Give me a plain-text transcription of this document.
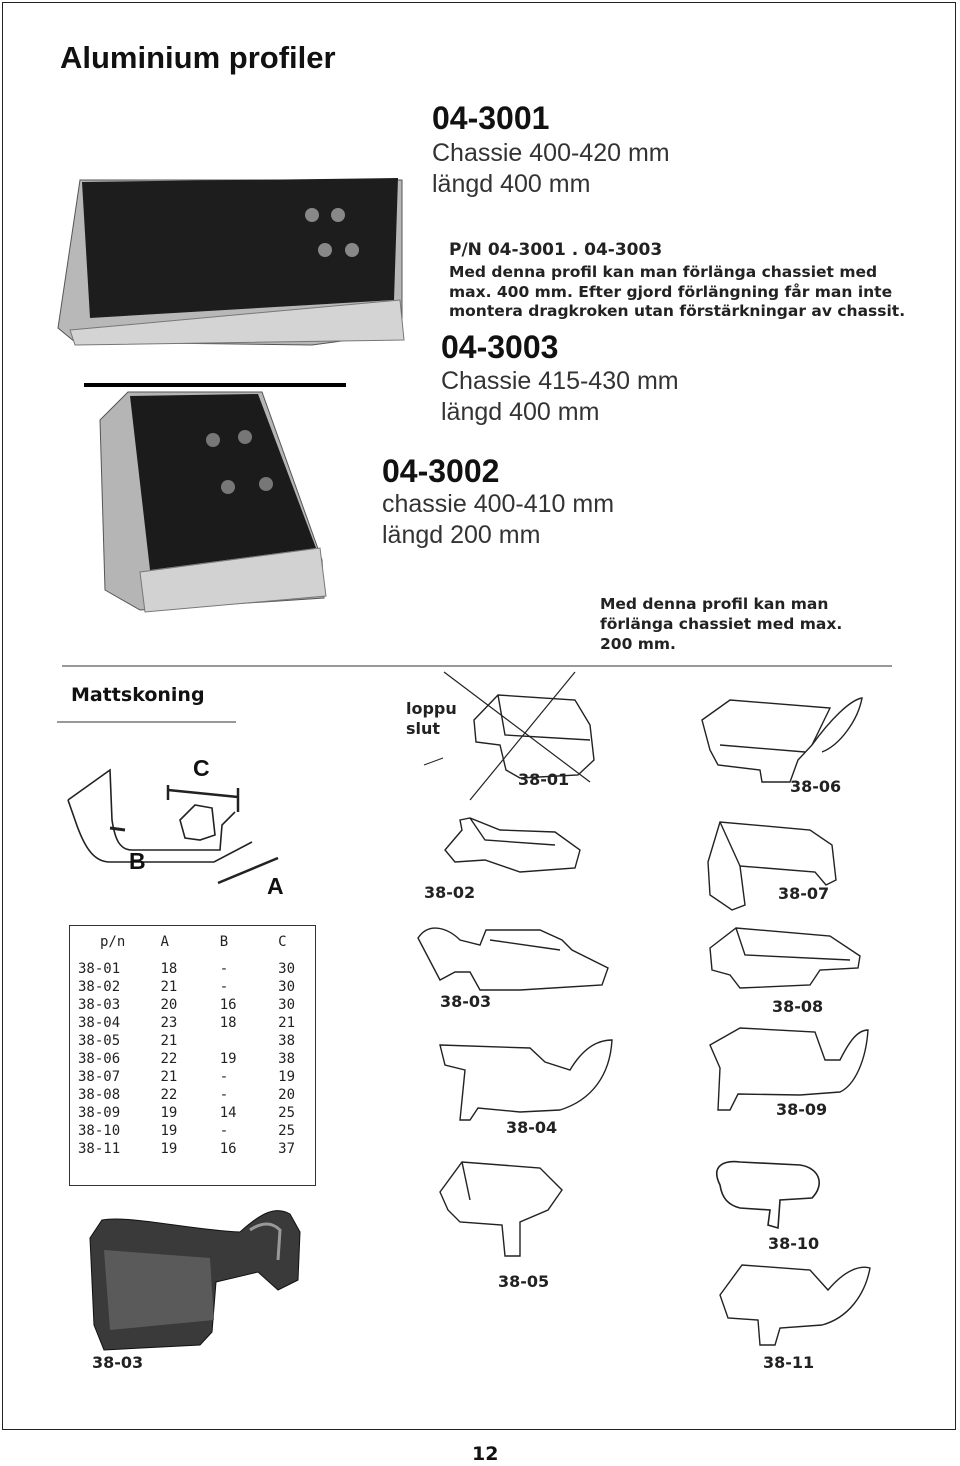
Aluminium profiler
04-3001
Chassie 400-420 mm
längd 400 mm
P/N 04-3001 . 04-3003
Med denna profil kan man förlänga chassiet med
max. 400 mm. Efter gjord förlängning får man inte
montera dragkroken utan förstärkningar av chassit.
04-3003
Chassie 415-430 mm
längd 400 mm
04-3002
chassie 400-410 mm
längd 200 mm
Med denna profil kan man
förlänga chassiet med max.
200 mm.
Mattskoning
loppu
slut
C
B
A
38-01	38-06
38-02	38-07
38-03	38-08
38-09
38-04
38-10
38-05
38-03	38-11
p/n	A	B	C

38-01	18	-	30
38-02	21	-	30
38-03	20	16	30
38-04	23	18	21
38-05	21		38
38-06	22	19	38
38-07	21	-	19
38-08	22	-	20
38-09	19	14	25
38-10	19	-	25
38-11	19	16	37
12
